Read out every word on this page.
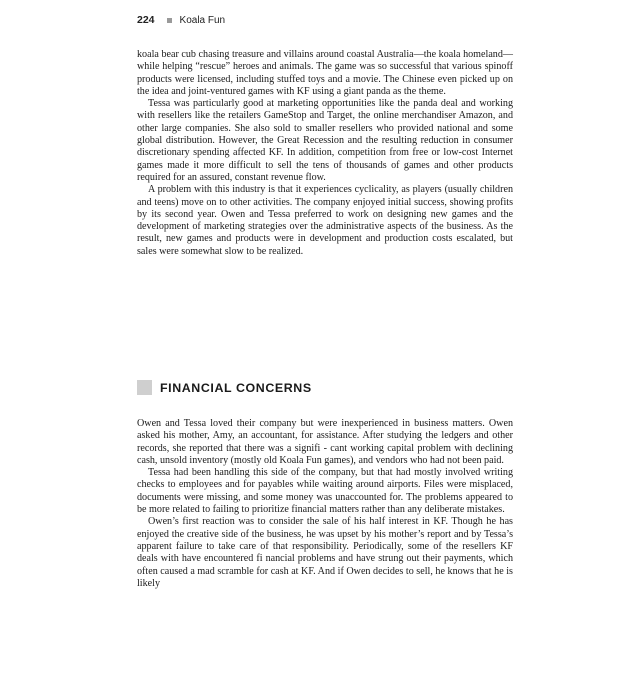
224	Koala Fun

koala bear cub chasing treasure and villains around coastal Australia—the koala homeland—while helping “rescue” heroes and animals. The game was so successful that various spinoff products were licensed, including stuffed toys and a movie. The Chinese even picked up on the idea and joint-ventured games with KF using a giant panda as the theme.

Tessa was particularly good at marketing opportunities like the panda deal and working with resellers like the retailers GameStop and Target, the online merchandiser Amazon, and other large companies. She also sold to smaller resellers who provided national and some global distribution. However, the Great Recession and the resulting reduction in consumer discretionary spending affected KF. In addition, competition from free or low-cost Internet games made it more difficult to sell the tens of thousands of games and other products required for an assured, constant revenue flow.

A problem with this industry is that it experiences cyclicality, as players (usually children and teens) move on to other activities. The company enjoyed initial success, showing profits by its second year. Owen and Tessa preferred to work on designing new games and the development of marketing strategies over the administrative aspects of the business. As the result, new games and products were in development and production costs escalated, but sales were somewhat slow to be realized.

FINANCIAL CONCERNS

Owen and Tessa loved their company but were inexperienced in business matters. Owen asked his mother, Amy, an accountant, for assistance. After studying the ledgers and other records, she reported that there was a signifi - cant working capital problem with declining cash, unsold inventory (mostly old Koala Fun games), and vendors who had not been paid.

Tessa had been handling this side of the company, but that had mostly involved writing checks to employees and for payables while waiting around airports. Files were misplaced, documents were missing, and some money was unaccounted for. The problems appeared to be more related to failing to prioritize financial matters rather than any deliberate mistakes.

Owen’s first reaction was to consider the sale of his half interest in KF. Though he has enjoyed the creative side of the business, he was upset by his mother’s report and by Tessa’s apparent failure to take care of that responsibility. Periodically, some of the resellers KF deals with have encountered fi nancial problems and have strung out their payments, which often caused a mad scramble for cash at KF. And if Owen decides to sell, he knows that he is likely
